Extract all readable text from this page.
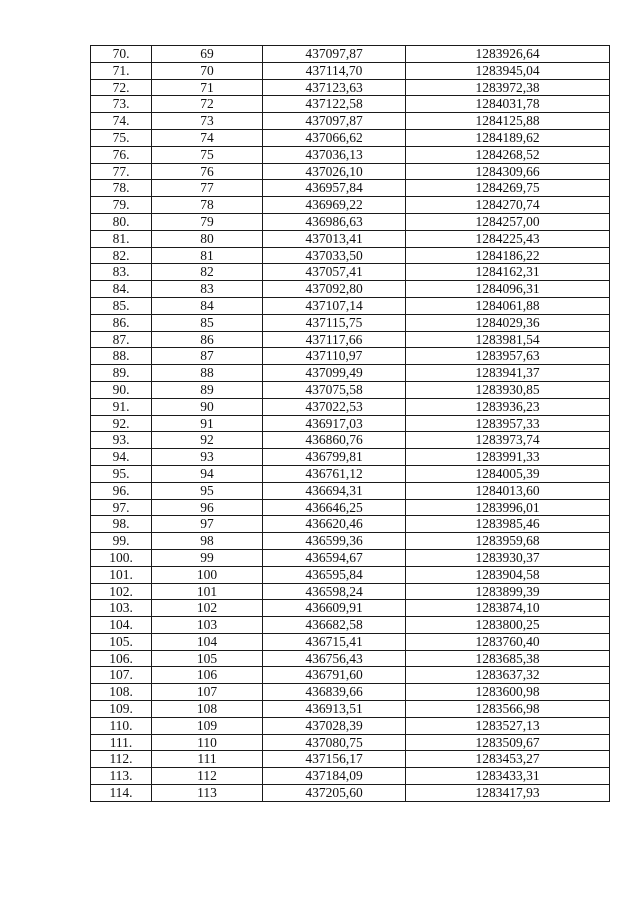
70.	69	437097,87	1283926,64
71.	70	437114,70	1283945,04
72.	71	437123,63	1283972,38
73.	72	437122,58	1284031,78
74.	73	437097,87	1284125,88
75.	74	437066,62	1284189,62
76.	75	437036,13	1284268,52
77.	76	437026,10	1284309,66
78.	77	436957,84	1284269,75
79.	78	436969,22	1284270,74
80.	79	436986,63	1284257,00
81.	80	437013,41	1284225,43
82.	81	437033,50	1284186,22
83.	82	437057,41	1284162,31
84.	83	437092,80	1284096,31
85.	84	437107,14	1284061,88
86.	85	437115,75	1284029,36
87.	86	437117,66	1283981,54
88.	87	437110,97	1283957,63
89.	88	437099,49	1283941,37
90.	89	437075,58	1283930,85
91.	90	437022,53	1283936,23
92.	91	436917,03	1283957,33
93.	92	436860,76	1283973,74
94.	93	436799,81	1283991,33
95.	94	436761,12	1284005,39
96.	95	436694,31	1284013,60
97.	96	436646,25	1283996,01
98.	97	436620,46	1283985,46
99.	98	436599,36	1283959,68
100.	99	436594,67	1283930,37
101.	100	436595,84	1283904,58
102.	101	436598,24	1283899,39
103.	102	436609,91	1283874,10
104.	103	436682,58	1283800,25
105.	104	436715,41	1283760,40
106.	105	436756,43	1283685,38
107.	106	436791,60	1283637,32
108.	107	436839,66	1283600,98
109.	108	436913,51	1283566,98
110.	109	437028,39	1283527,13
111.	110	437080,75	1283509,67
112.	111	437156,17	1283453,27
113.	112	437184,09	1283433,31
114.	113	437205,60	1283417,93
